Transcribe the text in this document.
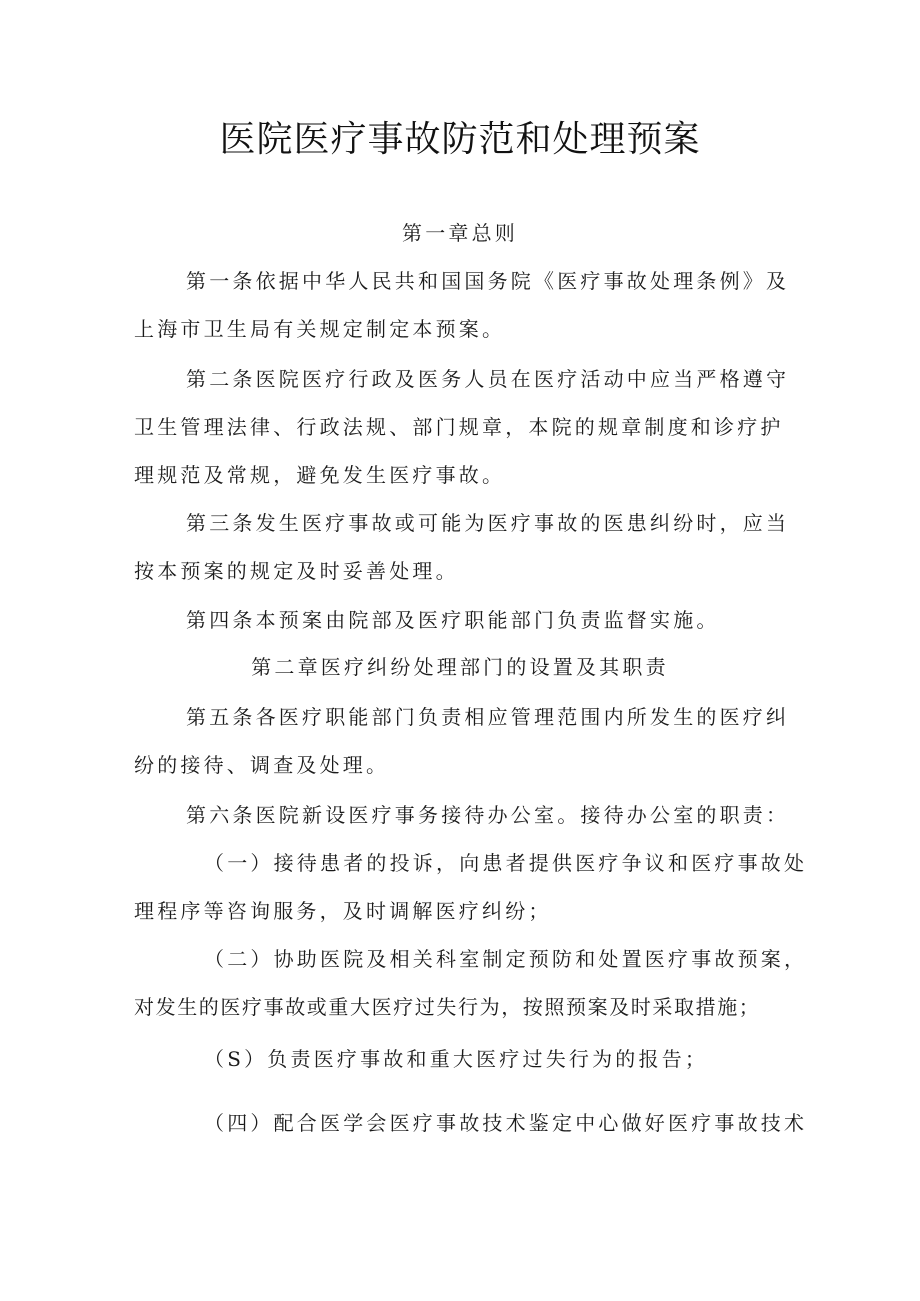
医院医疗事故防范和处理预案

第一章总则

第一条依据中华人民共和国国务院《医疗事故处理条例》及

上海市卫生局有关规定制定本预案。

第二条医院医疗行政及医务人员在医疗活动中应当严格遵守

卫生管理法律、行政法规、部门规章，本院的规章制度和诊疗护

理规范及常规，避免发生医疗事故。

第三条发生医疗事故或可能为医疗事故的医患纠纷时，应当

按本预案的规定及时妥善处理。

第四条本预案由院部及医疗职能部门负责监督实施。

第二章医疗纠纷处理部门的设置及其职责

第五条各医疗职能部门负责相应管理范围内所发生的医疗纠

纷的接待、调查及处理。

第六条医院新设医疗事务接待办公室。接待办公室的职责：

（一）接待患者的投诉，向患者提供医疗争议和医疗事故处

理程序等咨询服务，及时调解医疗纠纷；

（二）协助医院及相关科室制定预防和处置医疗事故预案，

对发生的医疗事故或重大医疗过失行为，按照预案及时采取措施；

（S）负责医疗事故和重大医疗过失行为的报告；

（四）配合医学会医疗事故技术鉴定中心做好医疗事故技术
